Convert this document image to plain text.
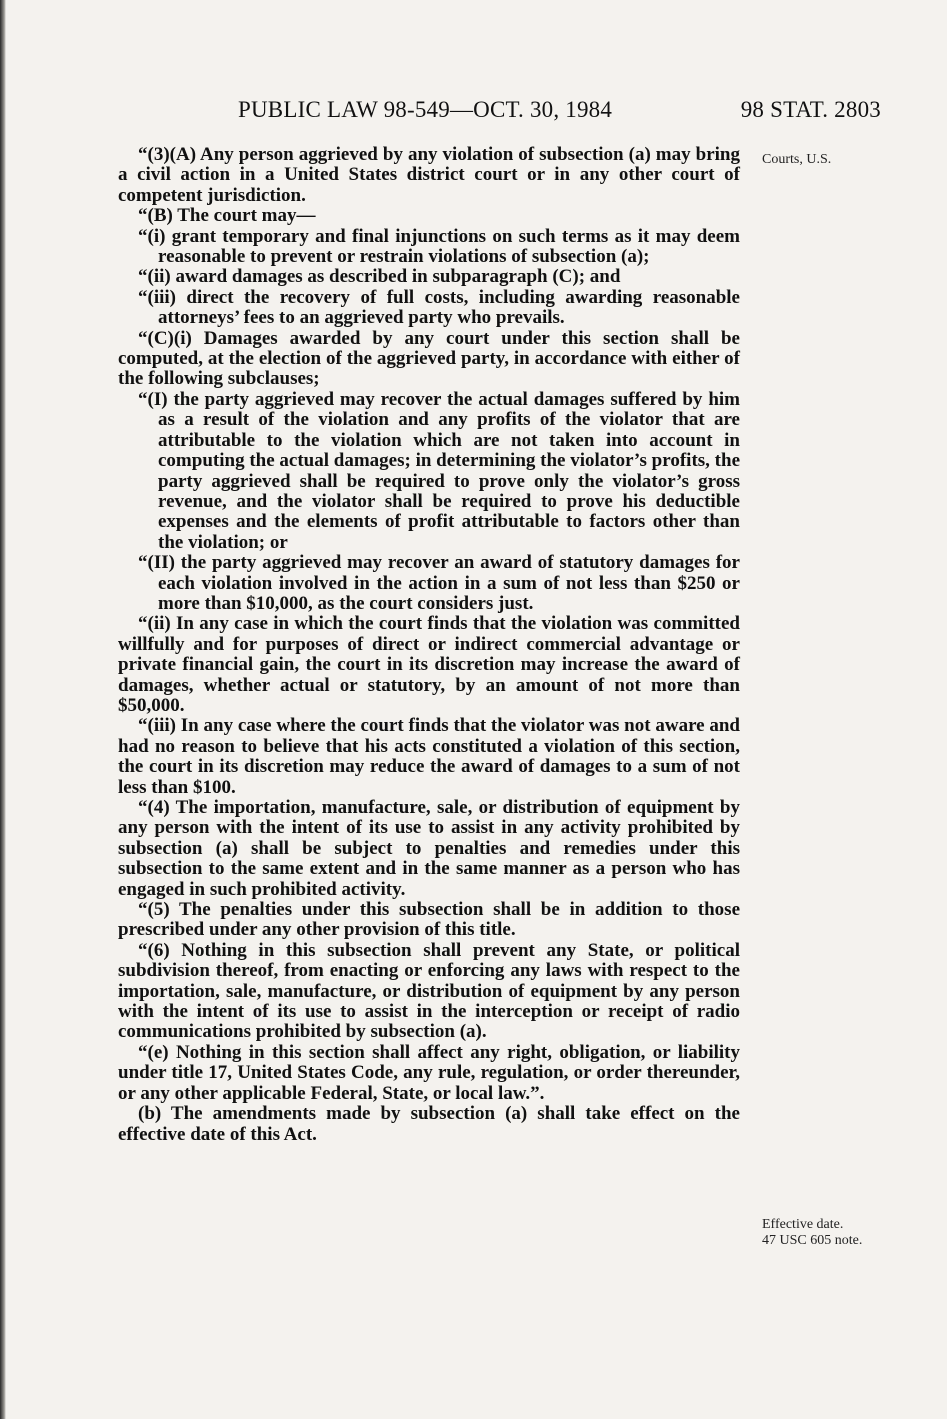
PUBLIC LAW 98-549—OCT. 30, 1984	98 STAT. 2803
Courts, U.S.
Effective date.
47 USC 605 note.

“(3)(A) Any person aggrieved by any violation of subsection (a) may bring a civil action in a United States district court or in any other court of competent jurisdiction.

“(B) The court may—

“(i) grant temporary and final injunctions on such terms as it may deem reasonable to prevent or restrain violations of subsection (a);

“(ii) award damages as described in subparagraph (C); and

“(iii) direct the recovery of full costs, including awarding reasonable attorneys’ fees to an aggrieved party who prevails.

“(C)(i) Damages awarded by any court under this section shall be computed, at the election of the aggrieved party, in accordance with either of the following subclauses;

“(I) the party aggrieved may recover the actual damages suffered by him as a result of the violation and any profits of the violator that are attributable to the violation which are not taken into account in computing the actual damages; in determining the violator’s profits, the party aggrieved shall be required to prove only the violator’s gross revenue, and the violator shall be required to prove his deductible expenses and the elements of profit attributable to factors other than the violation; or

“(II) the party aggrieved may recover an award of statutory damages for each violation involved in the action in a sum of not less than $250 or more than $10,000, as the court considers just.

“(ii) In any case in which the court finds that the violation was committed willfully and for purposes of direct or indirect commercial advantage or private financial gain, the court in its discretion may increase the award of damages, whether actual or statutory, by an amount of not more than $50,000.

“(iii) In any case where the court finds that the violator was not aware and had no reason to believe that his acts constituted a violation of this section, the court in its discretion may reduce the award of damages to a sum of not less than $100.

“(4) The importation, manufacture, sale, or distribution of equipment by any person with the intent of its use to assist in any activity prohibited by subsection (a) shall be subject to penalties and remedies under this subsection to the same extent and in the same manner as a person who has engaged in such prohibited activity.

“(5) The penalties under this subsection shall be in addition to those prescribed under any other provision of this title.

“(6) Nothing in this subsection shall prevent any State, or political subdivision thereof, from enacting or enforcing any laws with respect to the importation, sale, manufacture, or distribution of equipment by any person with the intent of its use to assist in the interception or receipt of radio communications prohibited by subsection (a).

“(e) Nothing in this section shall affect any right, obligation, or liability under title 17, United States Code, any rule, regulation, or order thereunder, or any other applicable Federal, State, or local law.”.

(b) The amendments made by subsection (a) shall take effect on the effective date of this Act.
